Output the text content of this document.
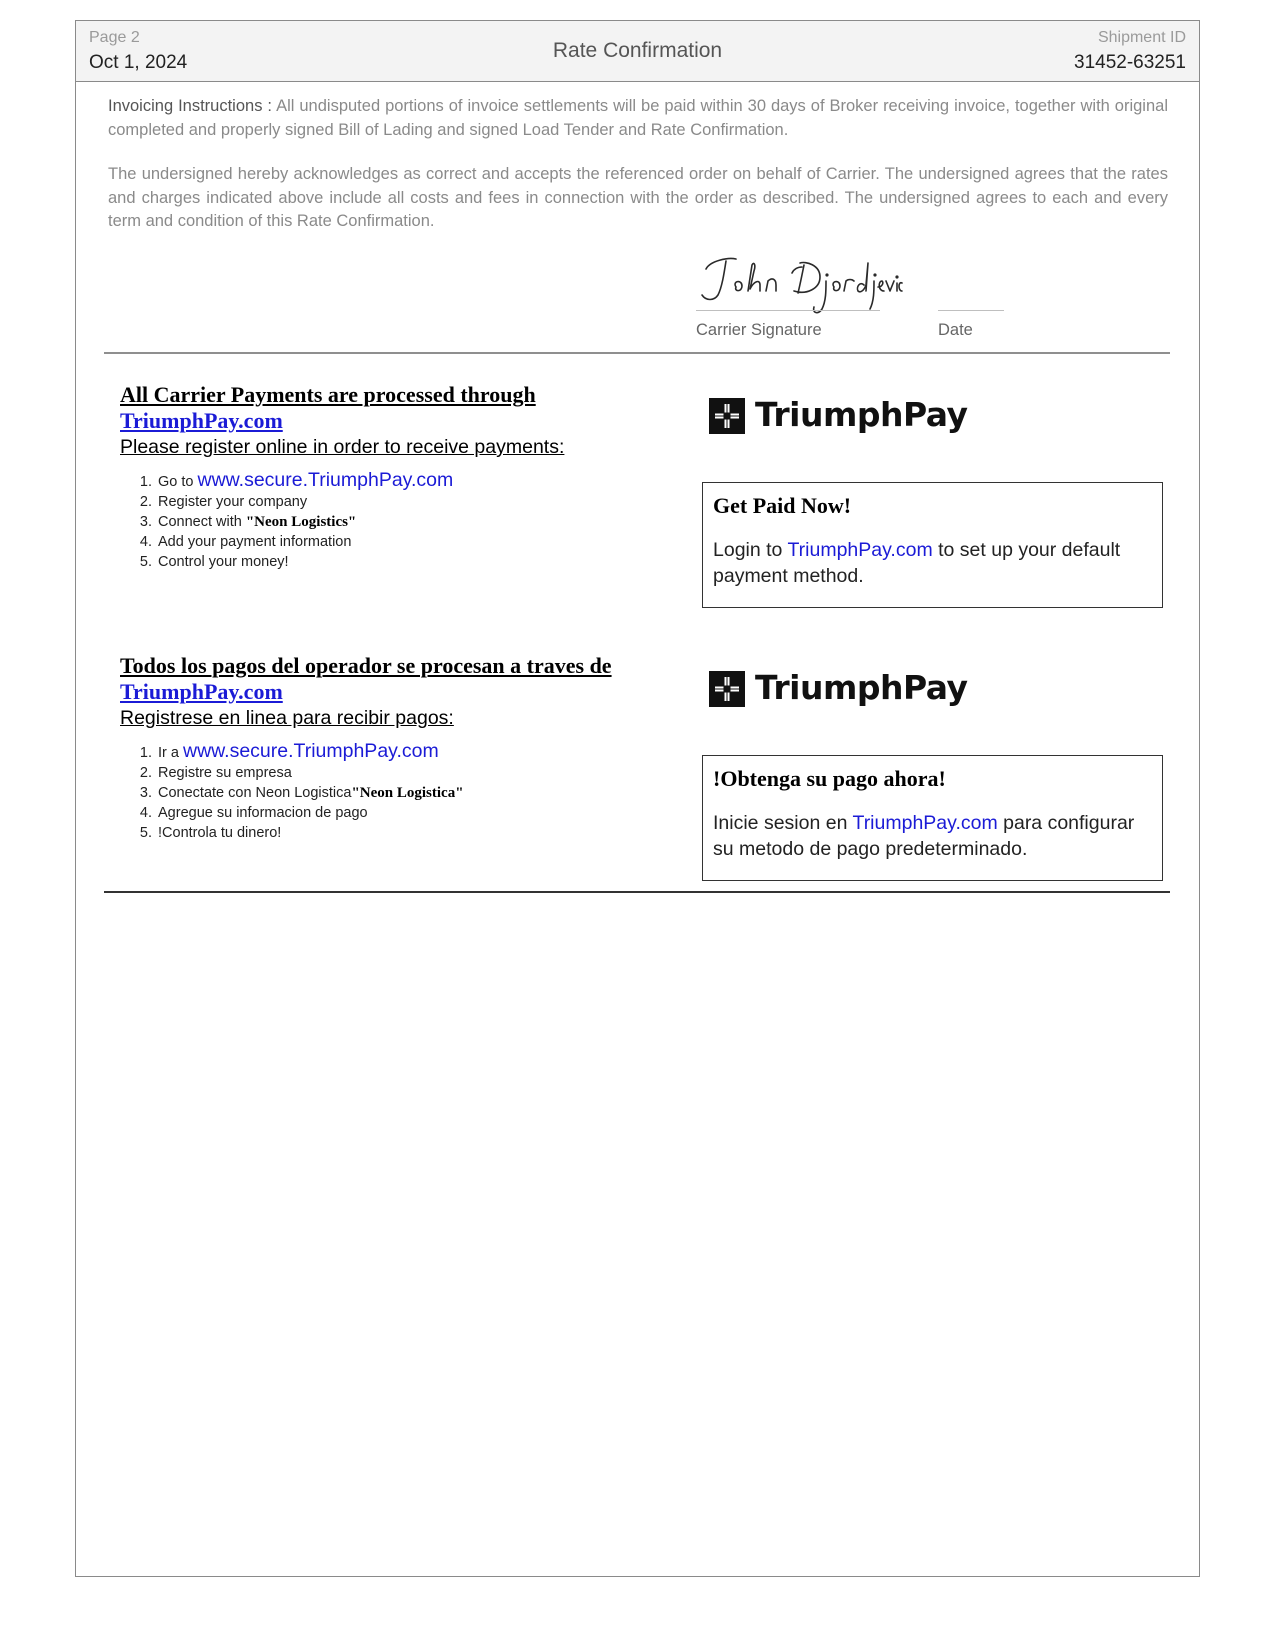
Page 2
Oct 1, 2024
Rate Confirmation
Shipment ID
31452-63251
Invoicing Instructions : All undisputed portions of invoice settlements will be paid within 30 days of Broker receiving invoice, together with original completed and properly signed Bill of Lading and signed Load Tender and Rate Confirmation.
The undersigned hereby acknowledges as correct and accepts the referenced order on behalf of Carrier. The undersigned agrees that the rates and charges indicated above include all costs and fees in connection with the order as described. The undersigned agrees to each and every term and condition of this Rate Confirmation.
Carrier Signature	Date
All Carrier Payments are processed through
TriumphPay.com
Please register online in order to receive payments:
1. Go to www.secure.TriumphPay.com
2. Register your company
3. Connect with "Neon Logistics"
4. Add your payment information
5. Control your money!
TriumphPay
Get Paid Now!
Login to TriumphPay.com to set up your default payment method.
Todos los pagos del operador se procesan a traves de
TriumphPay.com
Registrese en linea para recibir pagos:
1. Ir a www.secure.TriumphPay.com
2. Registre su empresa
3. Conectate con Neon Logistica"Neon Logistica"
4. Agregue su informacion de pago
5. !Controla tu dinero!
TriumphPay
!Obtenga su pago ahora!
Inicie sesion en TriumphPay.com para configurar su metodo de pago predeterminado.
